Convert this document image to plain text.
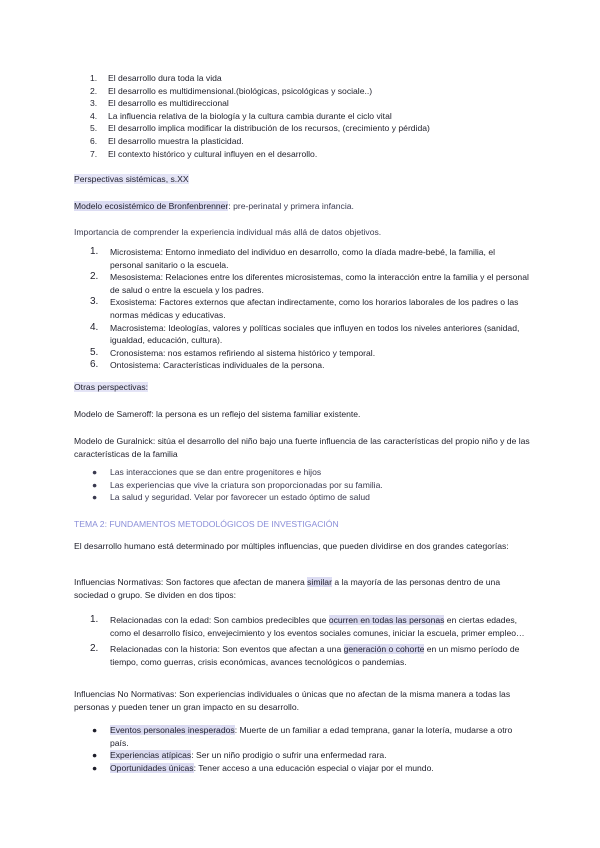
1. El desarrollo dura toda la vida
2. El desarrollo es multidimensional.(biológicas, psicológicas y sociale..)
3. El desarrollo es multidireccional
4. La influencia relativa de la biología y la cultura cambia durante el ciclo vital
5. El desarrollo implica modificar la distribución de los recursos, (crecimiento y pérdida)
6. El desarrollo muestra la plasticidad.
7. El contexto histórico y cultural influyen en el desarrollo.
Perspectivas sistémicas, s.XX
Modelo ecosistémico de Bronfenbrenner: pre-perinatal y primera infancia.
Importancia de comprender la experiencia individual más allá de datos objetivos.
1. Microsistema: Entorno inmediato del individuo en desarrollo, como la díada madre-bebé, la familia, el personal sanitario o la escuela.
2. Mesosistema: Relaciones entre los diferentes microsistemas, como la interacción entre la familia y el personal de salud o entre la escuela y los padres.
3. Exosistema: Factores externos que afectan indirectamente, como los horarios laborales de los padres o las normas médicas y educativas.
4. Macrosistema: Ideologías, valores y políticas sociales que influyen en todos los niveles anteriores (sanidad, igualdad, educación, cultura).
5. Cronosistema: nos estamos refiriendo al sistema histórico y temporal.
6. Ontosistema: Características individuales de la persona.
Otras perspectivas:
Modelo de Sameroff: la persona es un reflejo del sistema familiar existente.
Modelo de Guralnick: sitúa el desarrollo del niño bajo una fuerte influencia de las características del propio niño y de las características de la familia
● Las interacciones que se dan entre progenitores e hijos
● Las experiencias que vive la criatura son proporcionadas por su familia.
● La salud y seguridad. Velar por favorecer un estado óptimo de salud
TEMA 2: FUNDAMENTOS METODOLÓGICOS DE INVESTIGACIÓN
El desarrollo humano está determinado por múltiples influencias, que pueden dividirse en dos grandes categorías:
Influencias Normativas: Son factores que afectan de manera similar a la mayoría de las personas dentro de una sociedad o grupo. Se dividen en dos tipos:
1. Relacionadas con la edad: Son cambios predecibles que ocurren en todas las personas en ciertas edades, como el desarrollo físico, envejecimiento y los eventos sociales comunes, iniciar la escuela, primer empleo…
2. Relacionadas con la historia: Son eventos que afectan a una generación o cohorte en un mismo período de tiempo, como guerras, crisis económicas, avances tecnológicos o pandemias.
Influencias No Normativas: Son experiencias individuales o únicas que no afectan de la misma manera a todas las personas y pueden tener un gran impacto en su desarrollo.
● Eventos personales inesperados: Muerte de un familiar a edad temprana, ganar la lotería, mudarse a otro país.
● Experiencias atípicas: Ser un niño prodigio o sufrir una enfermedad rara.
● Oportunidades únicas: Tener acceso a una educación especial o viajar por el mundo.
